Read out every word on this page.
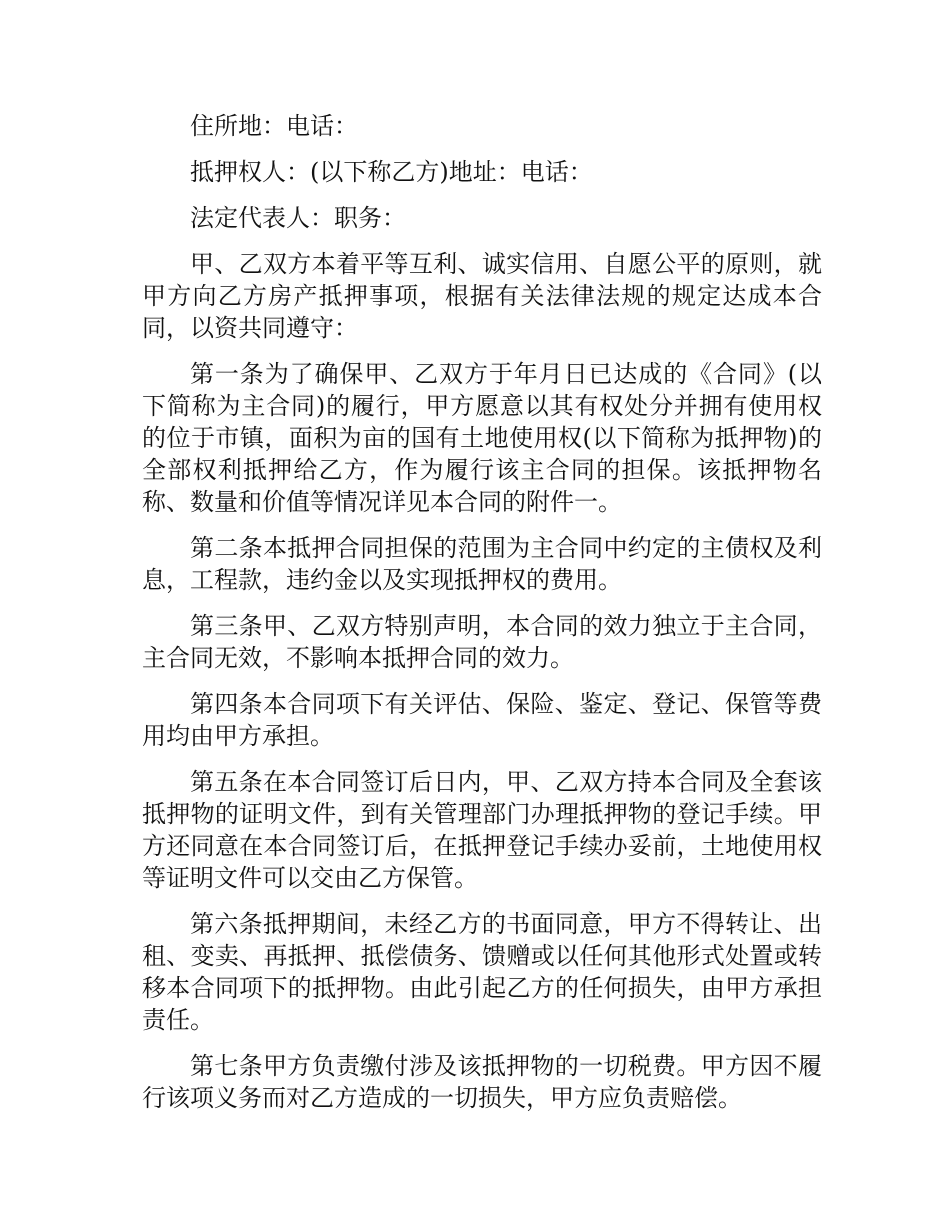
住所地：电话：

抵押权人：(以下称乙方)地址：电话：

法定代表人：职务：

甲、乙双方本着平等互利、诚实信用、自愿公平的原则，就甲方向乙方房产抵押事项，根据有关法律法规的规定达成本合同，以资共同遵守：

第一条为了确保甲、乙双方于年月日已达成的《合同》(以下简称为主合同)的履行，甲方愿意以其有权处分并拥有使用权的位于市镇，面积为亩的国有土地使用权(以下简称为抵押物)的全部权利抵押给乙方，作为履行该主合同的担保。该抵押物名称、数量和价值等情况详见本合同的附件一。

第二条本抵押合同担保的范围为主合同中约定的主债权及利息，工程款，违约金以及实现抵押权的费用。

第三条甲、乙双方特别声明，本合同的效力独立于主合同，主合同无效，不影响本抵押合同的效力。

第四条本合同项下有关评估、保险、鉴定、登记、保管等费用均由甲方承担。

第五条在本合同签订后日内，甲、乙双方持本合同及全套该抵押物的证明文件，到有关管理部门办理抵押物的登记手续。甲方还同意在本合同签订后，在抵押登记手续办妥前，土地使用权等证明文件可以交由乙方保管。

第六条抵押期间，未经乙方的书面同意，甲方不得转让、出租、变卖、再抵押、抵偿债务、馈赠或以任何其他形式处置或转移本合同项下的抵押物。由此引起乙方的任何损失，由甲方承担责任。

第七条甲方负责缴付涉及该抵押物的一切税费。甲方因不履行该项义务而对乙方造成的一切损失，甲方应负责赔偿。
